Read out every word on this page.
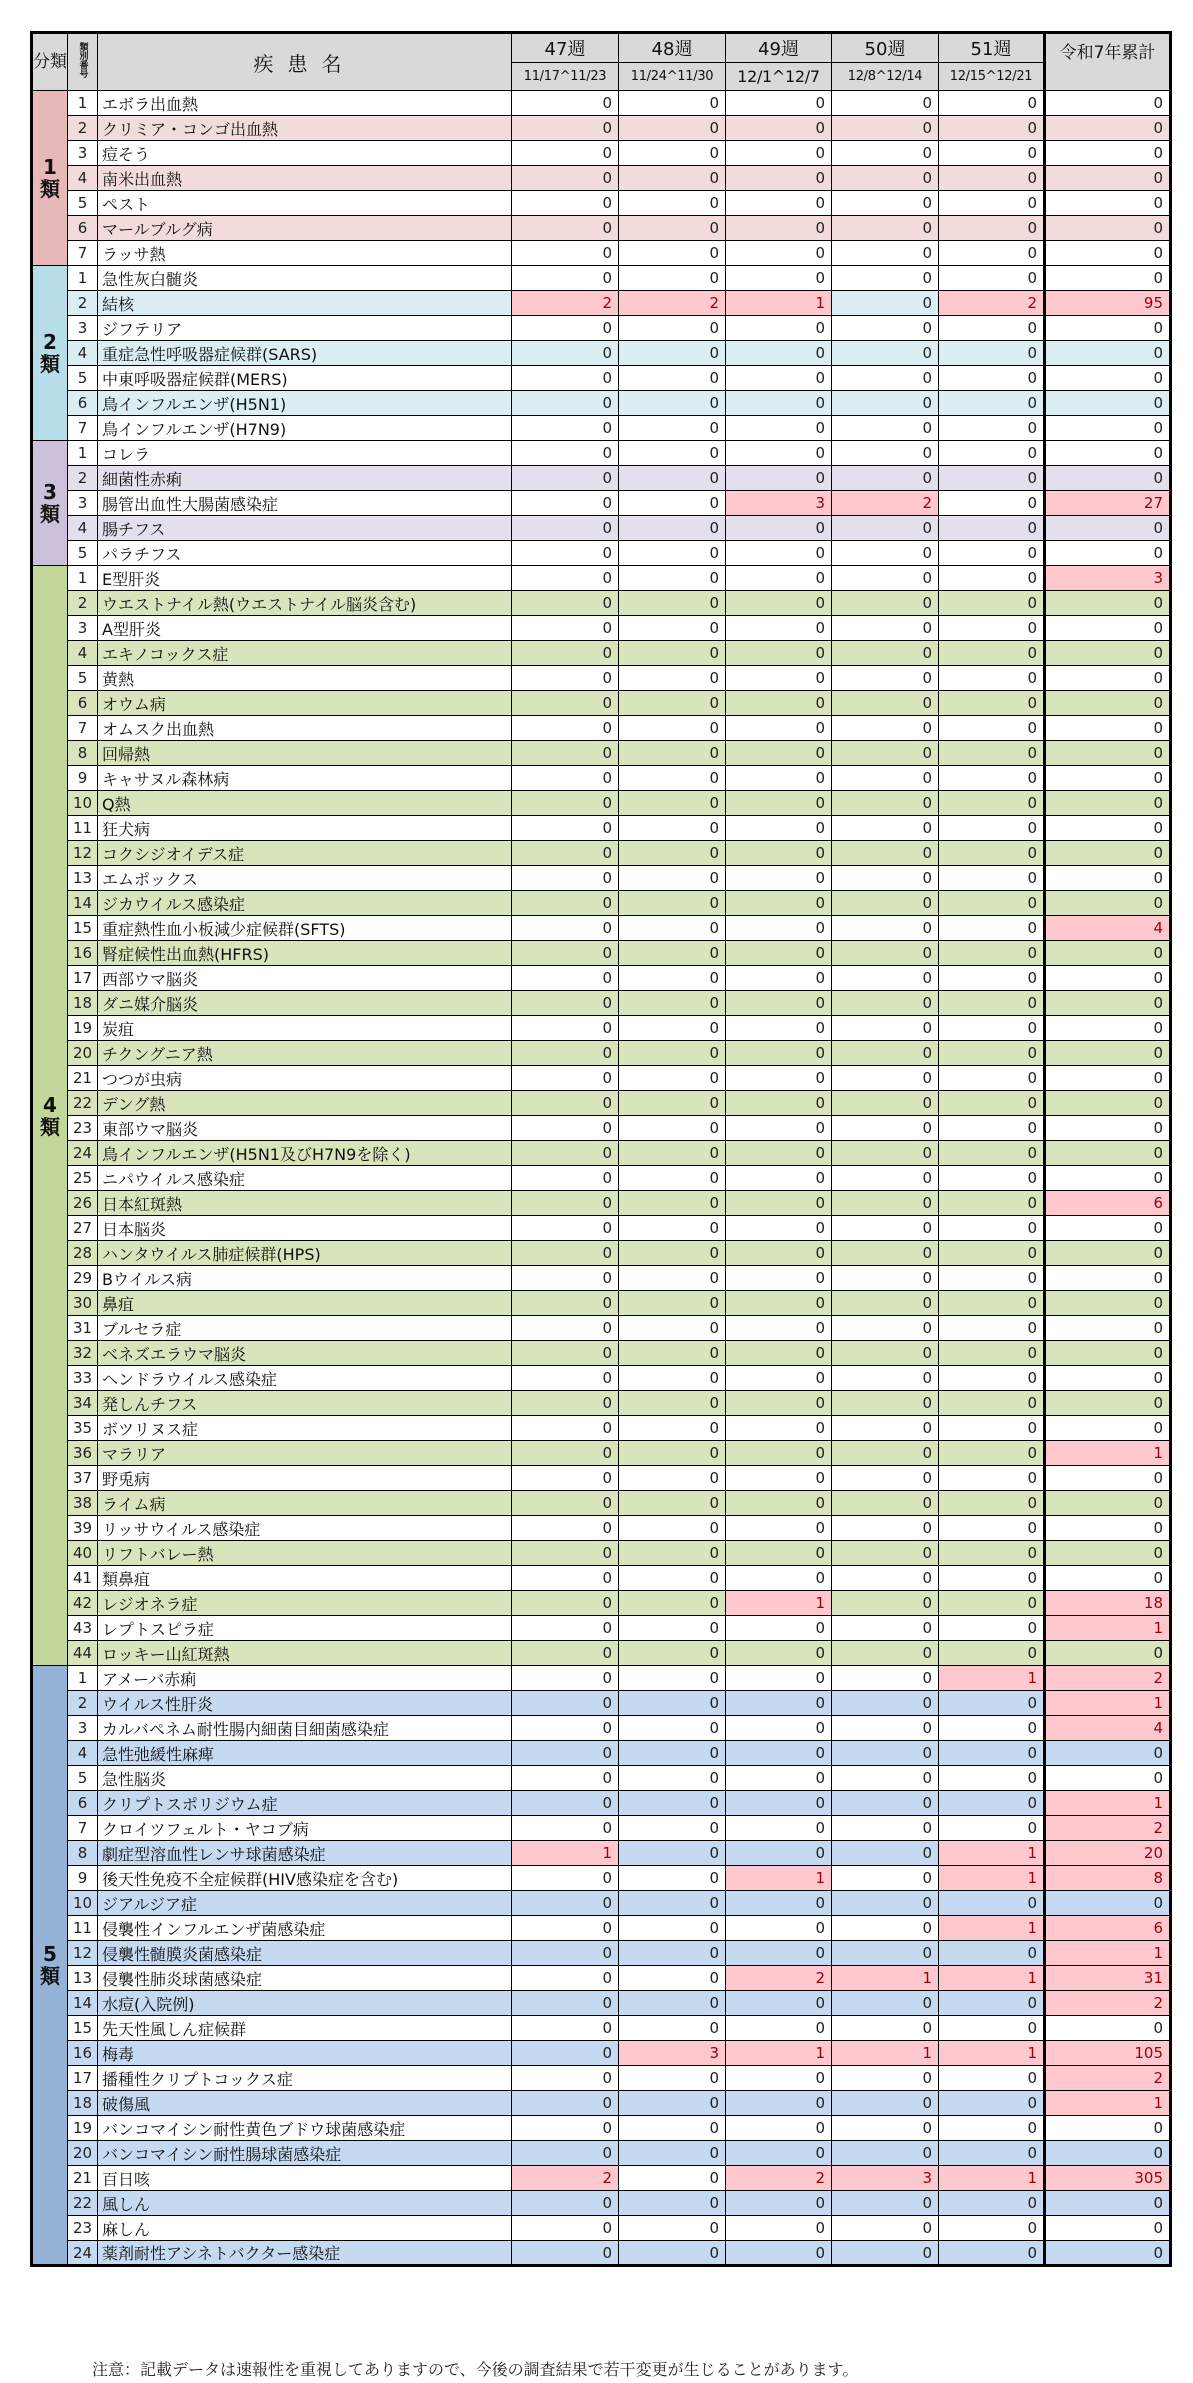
分類	類別番号	疾患名	47週	48週	49週	50週	51週	令和7年累計
			11/17^11/23	11/24^11/30	12/1^12/7	12/8^12/14	12/15^12/21	
1類	1	エボラ出血熱	0	0	0	0	0	0
	2	クリミア・コンゴ出血熱	0	0	0	0	0	0
	3	痘そう	0	0	0	0	0	0
	4	南米出血熱	0	0	0	0	0	0
	5	ペスト	0	0	0	0	0	0
	6	マールブルグ病	0	0	0	0	0	0
	7	ラッサ熱	0	0	0	0	0	0
2類	1	急性灰白髄炎	0	0	0	0	0	0
	2	結核	2	2	1	0	2	95
	3	ジフテリア	0	0	0	0	0	0
	4	重症急性呼吸器症候群(SARS)	0	0	0	0	0	0
	5	中東呼吸器症候群(MERS)	0	0	0	0	0	0
	6	鳥インフルエンザ(H5N1)	0	0	0	0	0	0
	7	鳥インフルエンザ(H7N9)	0	0	0	0	0	0
3類	1	コレラ	0	0	0	0	0	0
	2	細菌性赤痢	0	0	0	0	0	0
	3	腸管出血性大腸菌感染症	0	0	3	2	0	27
	4	腸チフス	0	0	0	0	0	0
	5	パラチフス	0	0	0	0	0	0
4類	1	E型肝炎	0	0	0	0	0	3
	2	ウエストナイル熱(ウエストナイル脳炎含む)	0	0	0	0	0	0
	3	A型肝炎	0	0	0	0	0	0
	4	エキノコックス症	0	0	0	0	0	0
	5	黄熱	0	0	0	0	0	0
	6	オウム病	0	0	0	0	0	0
	7	オムスク出血熱	0	0	0	0	0	0
	8	回帰熱	0	0	0	0	0	0
	9	キャサヌル森林病	0	0	0	0	0	0
	10	Q熱	0	0	0	0	0	0
	11	狂犬病	0	0	0	0	0	0
	12	コクシジオイデス症	0	0	0	0	0	0
	13	エムポックス	0	0	0	0	0	0
	14	ジカウイルス感染症	0	0	0	0	0	0
	15	重症熱性血小板減少症候群(SFTS)	0	0	0	0	0	4
	16	腎症候性出血熱(HFRS)	0	0	0	0	0	0
	17	西部ウマ脳炎	0	0	0	0	0	0
	18	ダニ媒介脳炎	0	0	0	0	0	0
	19	炭疽	0	0	0	0	0	0
	20	チクングニア熱	0	0	0	0	0	0
	21	つつが虫病	0	0	0	0	0	0
	22	デング熱	0	0	0	0	0	0
	23	東部ウマ脳炎	0	0	0	0	0	0
	24	鳥インフルエンザ(H5N1及びH7N9を除く)	0	0	0	0	0	0
	25	ニパウイルス感染症	0	0	0	0	0	0
	26	日本紅斑熱	0	0	0	0	0	6
	27	日本脳炎	0	0	0	0	0	0
	28	ハンタウイルス肺症候群(HPS)	0	0	0	0	0	0
	29	Bウイルス病	0	0	0	0	0	0
	30	鼻疽	0	0	0	0	0	0
	31	ブルセラ症	0	0	0	0	0	0
	32	ベネズエラウマ脳炎	0	0	0	0	0	0
	33	ヘンドラウイルス感染症	0	0	0	0	0	0
	34	発しんチフス	0	0	0	0	0	0
	35	ボツリヌス症	0	0	0	0	0	0
	36	マラリア	0	0	0	0	0	1
	37	野兎病	0	0	0	0	0	0
	38	ライム病	0	0	0	0	0	0
	39	リッサウイルス感染症	0	0	0	0	0	0
	40	リフトバレー熱	0	0	0	0	0	0
	41	類鼻疽	0	0	0	0	0	0
	42	レジオネラ症	0	0	1	0	0	18
	43	レプトスピラ症	0	0	0	0	0	1
	44	ロッキー山紅斑熱	0	0	0	0	0	0
5類	1	アメーバ赤痢	0	0	0	0	1	2
	2	ウイルス性肝炎	0	0	0	0	0	1
	3	カルバペネム耐性腸内細菌目細菌感染症	0	0	0	0	0	4
	4	急性弛緩性麻痺	0	0	0	0	0	0
	5	急性脳炎	0	0	0	0	0	0
	6	クリプトスポリジウム症	0	0	0	0	0	1
	7	クロイツフェルト・ヤコブ病	0	0	0	0	0	2
	8	劇症型溶血性レンサ球菌感染症	1	0	0	0	1	20
	9	後天性免疫不全症候群(HIV感染症を含む)	0	0	1	0	1	8
	10	ジアルジア症	0	0	0	0	0	0
	11	侵襲性インフルエンザ菌感染症	0	0	0	0	1	6
	12	侵襲性髄膜炎菌感染症	0	0	0	0	0	1
	13	侵襲性肺炎球菌感染症	0	0	2	1	1	31
	14	水痘(入院例)	0	0	0	0	0	2
	15	先天性風しん症候群	0	0	0	0	0	0
	16	梅毒	0	3	1	1	1	105
	17	播種性クリプトコックス症	0	0	0	0	0	2
	18	破傷風	0	0	0	0	0	1
	19	バンコマイシン耐性黄色ブドウ球菌感染症	0	0	0	0	0	0
	20	バンコマイシン耐性腸球菌感染症	0	0	0	0	0	0
	21	百日咳	2	0	2	3	1	305
	22	風しん	0	0	0	0	0	0
	23	麻しん	0	0	0	0	0	0
	24	薬剤耐性アシネトバクター感染症	0	0	0	0	0	0
注意：記載データは速報性を重視してありますので、今後の調査結果で若干変更が生じることがあります。
